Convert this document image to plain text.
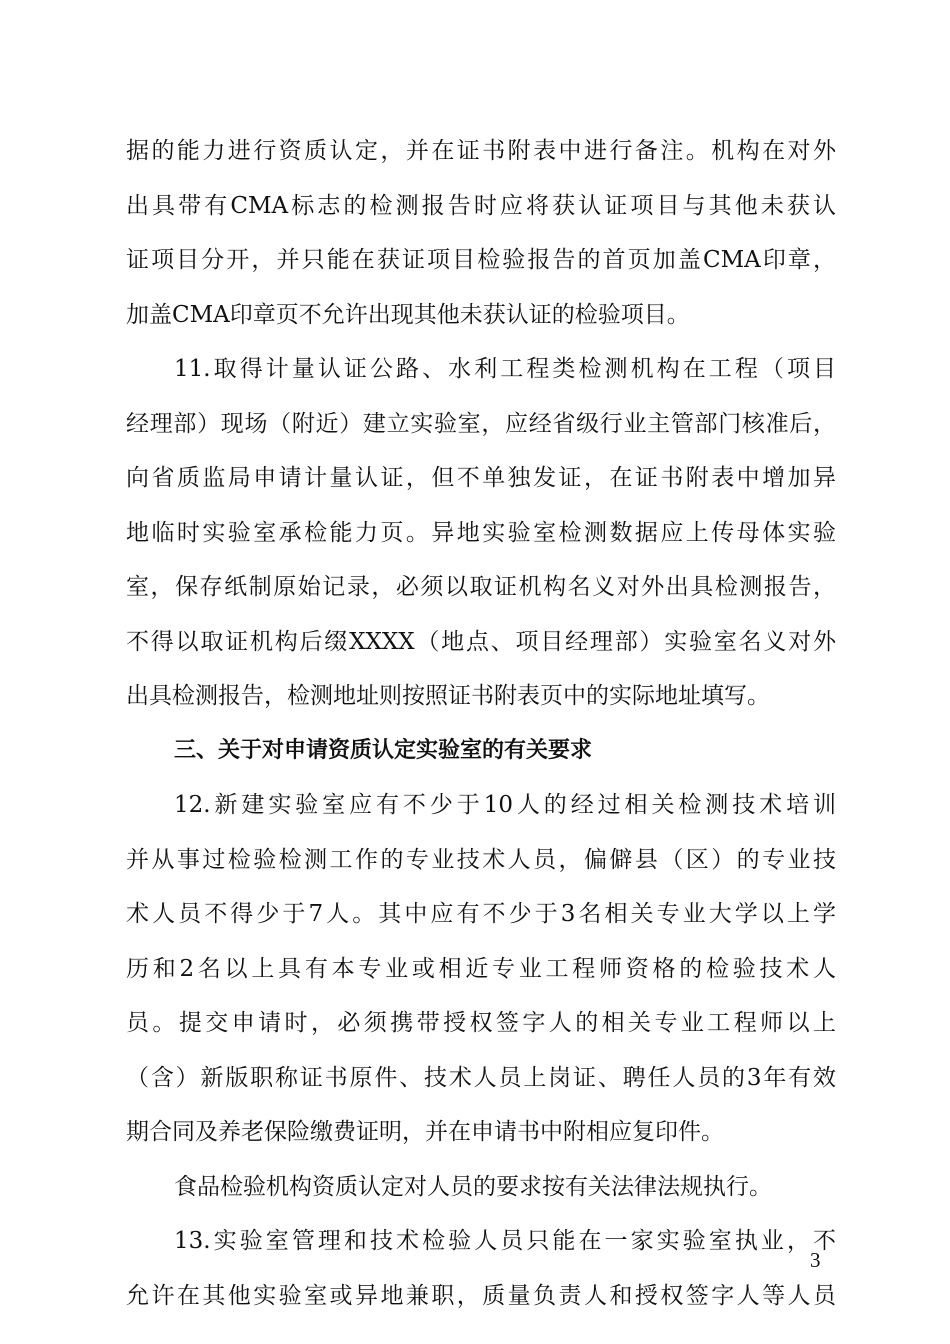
据的能力进行资质认定，并在证书附表中进行备注。机构在对外
出具带有CMA标志的检测报告时应将获认证项目与其他未获认
证项目分开，并只能在获证项目检验报告的首页加盖CMA印章，
加盖CMA印章页不允许出现其他未获认证的检验项目。
11.取得计量认证公路、水利工程类检测机构在工程（项目
经理部）现场（附近）建立实验室，应经省级行业主管部门核准后，
向省质监局申请计量认证，但不单独发证，在证书附表中增加异
地临时实验室承检能力页。异地实验室检测数据应上传母体实验
室，保存纸制原始记录，必须以取证机构名义对外出具检测报告，
不得以取证机构后缀XXXX（地点、项目经理部）实验室名义对外
出具检测报告，检测地址则按照证书附表页中的实际地址填写。
三、关于对申请资质认定实验室的有关要求
12.新建实验室应有不少于10人的经过相关检测技术培训
并从事过检验检测工作的专业技术人员，偏僻县（区）的专业技
术人员不得少于7人。其中应有不少于3名相关专业大学以上学
历和2名以上具有本专业或相近专业工程师资格的检验技术人
员。提交申请时，必须携带授权签字人的相关专业工程师以上
（含）新版职称证书原件、技术人员上岗证、聘任人员的3年有效
期合同及养老保险缴费证明，并在申请书中附相应复印件。
食品检验机构资质认定对人员的要求按有关法律法规执行。
13.实验室管理和技术检验人员只能在一家实验室执业，不
允许在其他实验室或异地兼职，质量负责人和授权签字人等人员
3
